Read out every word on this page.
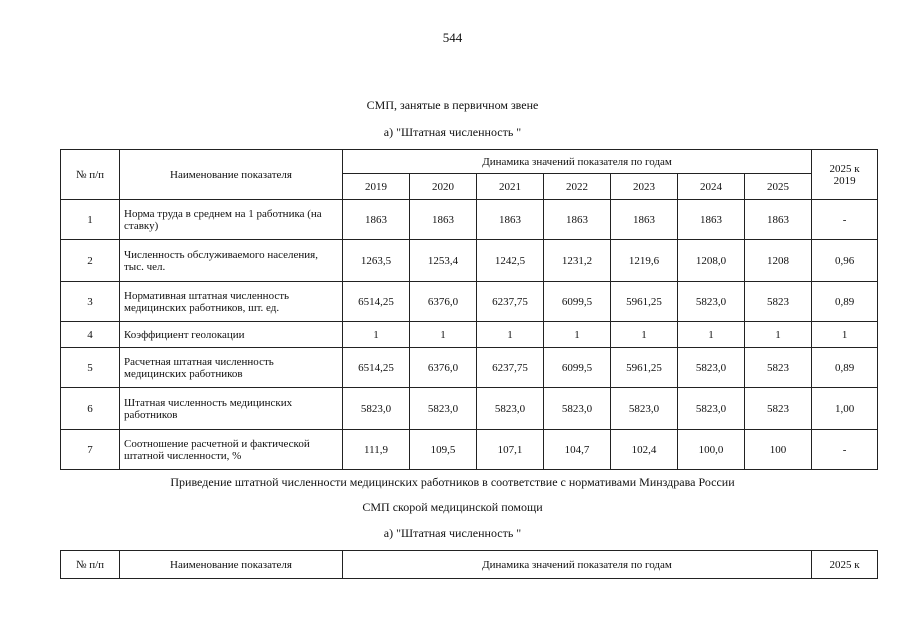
544
СМП, занятые в первичном звене
а) "Штатная численность "
№ п/п	Наименование показателя	Динамика значений показателя по годам							2025 к 2019
		2019	2020	2021	2022	2023	2024	2025	
1	Норма труда в среднем на 1 работника (на ставку)	1863	1863	1863	1863	1863	1863	1863	-
2	Численность обслуживаемого населения, тыс. чел.	1263,5	1253,4	1242,5	1231,2	1219,6	1208,0	1208	0,96
3	Нормативная штатная численность медицинских работников, шт. ед.	6514,25	6376,0	6237,75	6099,5	5961,25	5823,0	5823	0,89
4	Коэффициент геолокации	1	1	1	1	1	1	1	1
5	Расчетная штатная численность медицинских работников	6514,25	6376,0	6237,75	6099,5	5961,25	5823,0	5823	0,89
6	Штатная численность медицинских работников	5823,0	5823,0	5823,0	5823,0	5823,0	5823,0	5823	1,00
7	Соотношение расчетной и фактической штатной численности, %	111,9	109,5	107,1	104,7	102,4	100,0	100	-
Приведение штатной численности медицинских работников в соответствие с нормативами Минздрава России
СМП скорой медицинской помощи
а) "Штатная численность "
№ п/п	Наименование показателя	Динамика значений показателя по годам	2025 к
